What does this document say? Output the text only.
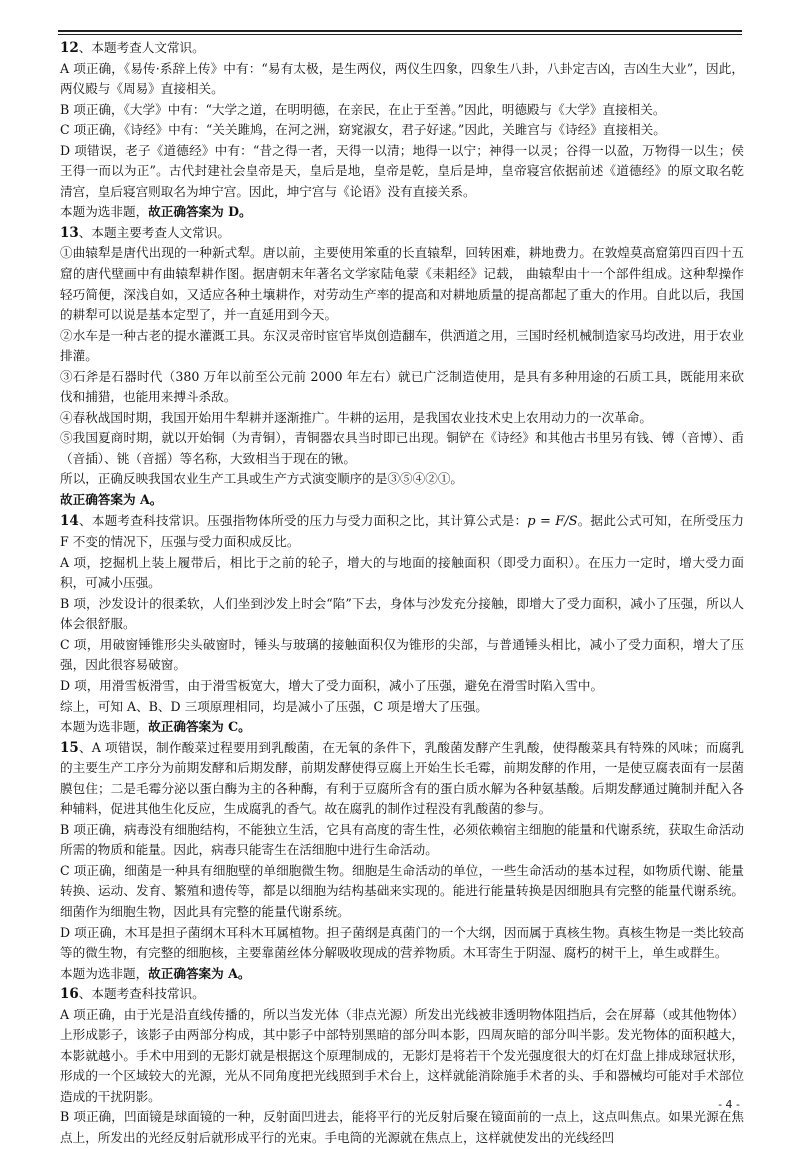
12、本题考查人文常识。

A 项正确，《易传·系辞上传》中有：“易有太极，是生两仪，两仪生四象，四象生八卦，八卦定吉凶，吉凶生大业”，因此，两仪殿与《周易》直接相关。

B 项正确，《大学》中有：“大学之道，在明明德，在亲民，在止于至善。”因此，明德殿与《大学》直接相关。

C 项正确，《诗经》中有：“关关雎鸠，在河之洲，窈窕淑女，君子好逑。”因此，关雎宫与《诗经》直接相关。

D 项错误，老子《道德经》中有：“昔之得一者，天得一以清；地得一以宁；神得一以灵；谷得一以盈，万物得一以生；侯王得一而以为正”。古代封建社会皇帝是天，皇后是地，皇帝是乾，皇后是坤，皇帝寝宫依据前述《道德经》的原文取名乾清宫，皇后寝宫则取名为坤宁宫。因此，坤宁宫与《论语》没有直接关系。

本题为选非题，故正确答案为 D。

13、本题主要考查人文常识。

①曲辕犁是唐代出现的一种新式犁。唐以前，主要使用笨重的长直辕犁，回转困难，耕地费力。在敦煌莫高窟第四百四十五窟的唐代壁画中有曲辕犁耕作图。据唐朝末年著名文学家陆龟蒙《耒耜经》记载， 曲辕犁由十一个部件组成。这种犁操作轻巧简便，深浅自如，又适应各种土壤耕作，对劳动生产率的提高和对耕地质量的提高都起了重大的作用。自此以后，我国的耕犁可以说是基本定型了，并一直延用到今天。

②水车是一种古老的提水灌溉工具。东汉灵帝时宦官毕岚创造翻车，供洒道之用，三国时经机械制造家马均改进，用于农业排灌。

③石斧是石器时代（380 万年以前至公元前 2000 年左右）就已广泛制造使用，是具有多种用途的石质工具，既能用来砍伐和捕猎，也能用来搏斗杀敌。

④春秋战国时期，我国开始用牛犁耕并逐渐推广。牛耕的运用，是我国农业技术史上农用动力的一次革命。

⑤我国夏商时期，就以开始铜（为青铜），青铜器农具当时即已出现。铜铲在《诗经》和其他古书里另有钱、镈（音博）、臿（音插）、铫（音摇）等名称，大致相当于现在的锹。

所以，正确反映我国农业生产工具或生产方式演变顺序的是③⑤④②①。

故正确答案为 A。

14、本题考查科技常识。压强指物体所受的压力与受力面积之比，其计算公式是：p = F/S。据此公式可知，在所受压力 F 不变的情况下，压强与受力面积成反比。

A 项，挖掘机上装上履带后，相比于之前的轮子，增大的与地面的接触面积（即受力面积）。在压力一定时，增大受力面积，可减小压强。

B 项，沙发设计的很柔软，人们坐到沙发上时会“陷”下去，身体与沙发充分接触，即增大了受力面积，减小了压强，所以人体会很舒服。

C 项，用破窗锤锥形尖头破窗时，锤头与玻璃的接触面积仅为锥形的尖部，与普通锤头相比，减小了受力面积，增大了压强，因此很容易破窗。

D 项，用滑雪板滑雪，由于滑雪板宽大，增大了受力面积，减小了压强，避免在滑雪时陷入雪中。

综上，可知 A、B、D 三项原理相同，均是减小了压强，C 项是增大了压强。

本题为选非题，故正确答案为 C。

15、A 项错误，制作酸菜过程要用到乳酸菌，在无氧的条件下，乳酸菌发酵产生乳酸，使得酸菜具有特殊的风味；而腐乳的主要生产工序分为前期发酵和后期发酵，前期发酵使得豆腐上开始生长毛霉，前期发酵的作用，一是使豆腐表面有一层菌膜包住；二是毛霉分泌以蛋白酶为主的各种酶，有利于豆腐所含有的蛋白质水解为各种氨基酸。后期发酵通过腌制并配入各种辅料，促进其他生化反应，生成腐乳的香气。故在腐乳的制作过程没有乳酸菌的参与。

B 项正确，病毒没有细胞结构，不能独立生活，它具有高度的寄生性，必须依赖宿主细胞的能量和代谢系统，获取生命活动所需的物质和能量。因此，病毒只能寄生在活细胞中进行生命活动。

C 项正确，细菌是一种具有细胞壁的单细胞微生物。细胞是生命活动的单位，一些生命活动的基本过程，如物质代谢、能量转换、运动、发育、繁殖和遗传等，都是以细胞为结构基础来实现的。能进行能量转换是因细胞具有完整的能量代谢系统。细菌作为细胞生物，因此具有完整的能量代谢系统。

D 项正确，木耳是担子菌纲木耳科木耳属植物。担子菌纲是真菌门的一个大纲，因而属于真核生物。真核生物是一类比较高等的微生物，有完整的细胞核，主要靠菌丝体分解吸收现成的营养物质。木耳寄生于阴湿、腐朽的树干上，单生或群生。

本题为选非题，故正确答案为 A。

16、本题考查科技常识。

A 项正确，由于光是沿直线传播的，所以当发光体（非点光源）所发出光线被非透明物体阻挡后，会在屏幕（或其他物体）上形成影子，该影子由两部分构成，其中影子中部特别黑暗的部分叫本影，四周灰暗的部分叫半影。发光物体的面积越大，本影就越小。手术中用到的无影灯就是根据这个原理制成的，无影灯是将若干个发光强度很大的灯在灯盘上排成球冠状形，形成的一个区域较大的光源，光从不同角度把光线照到手术台上，这样就能消除施手术者的头、手和器械均可能对手术部位造成的干扰阴影。

B 项正确，凹面镜是球面镜的一种，反射面凹进去，能将平行的光反射后聚在镜面前的一点上，这点叫焦点。如果光源在焦点上，所发出的光经反射后就形成平行的光束。手电筒的光源就在焦点上，这样就使发出的光线经凹

- 4 -
